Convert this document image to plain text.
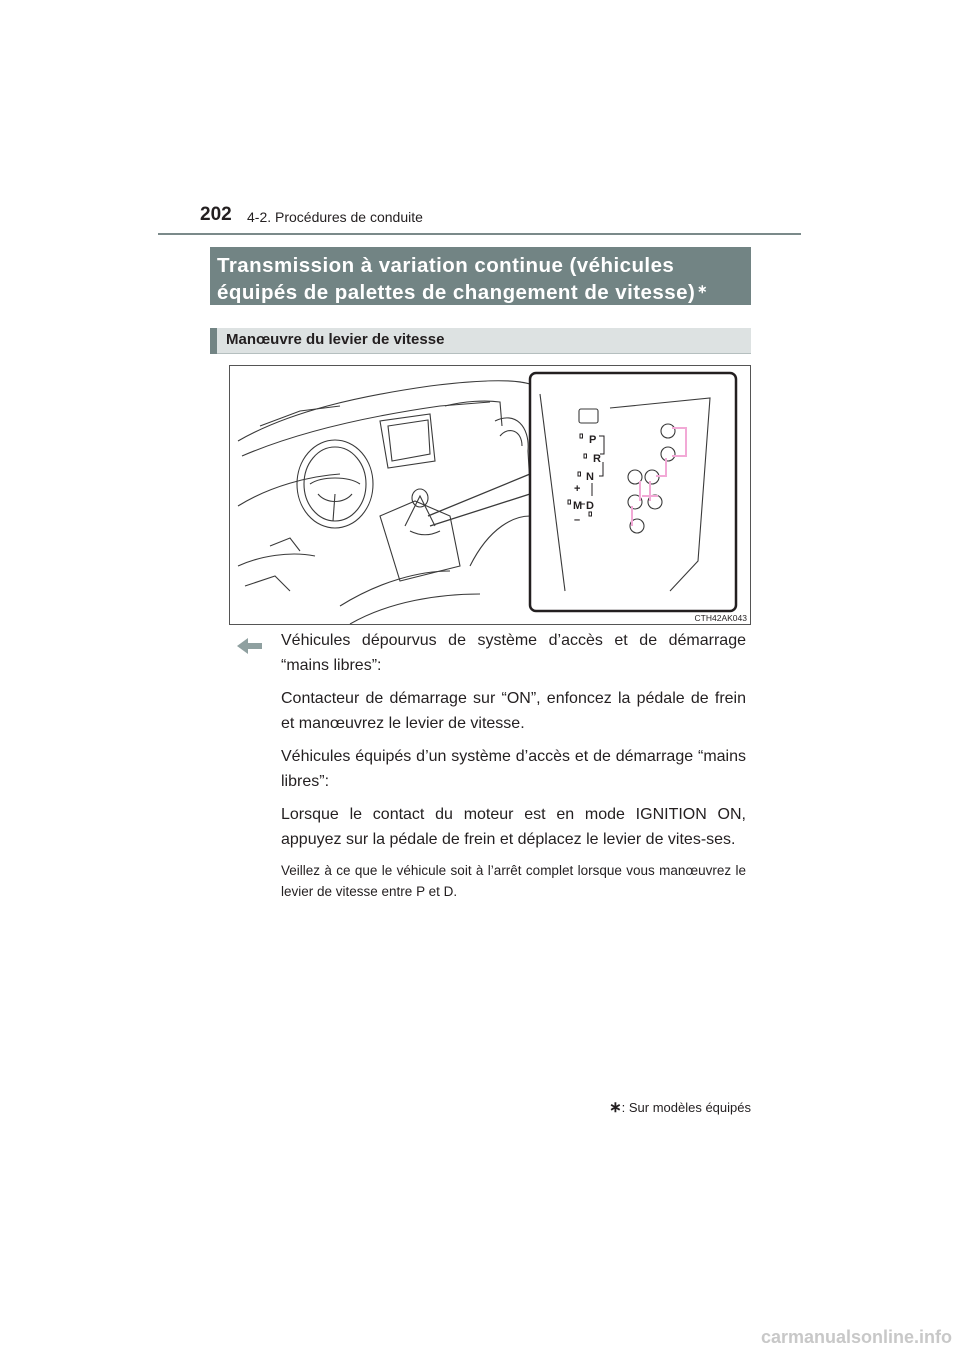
202 4-2. Procédures de conduite
Transmission à variation continue (véhicules
équipés de palettes de changement de vitesse) ∗
Manœuvre du levier de vitesse
P
R
N
M D
+
–
CTH42AK043

Véhicules dépourvus de système d’accès et de démarrage “mains libres”:

Contacteur de démarrage sur “ON”, enfoncez la pédale de frein et manœuvrez le levier de vitesse.

Véhicules équipés d’un système d’accès et de démarrage “mains libres”:

Lorsque le contact du moteur est en mode IGNITION ON, appuyez sur la pédale de frein et déplacez le levier de vites-ses.

Veillez à ce que le véhicule soit à l’arrêt complet lorsque vous manœuvrez le levier de vitesse entre P et D.

∗: Sur modèles équipés
carmanualsonline.info
